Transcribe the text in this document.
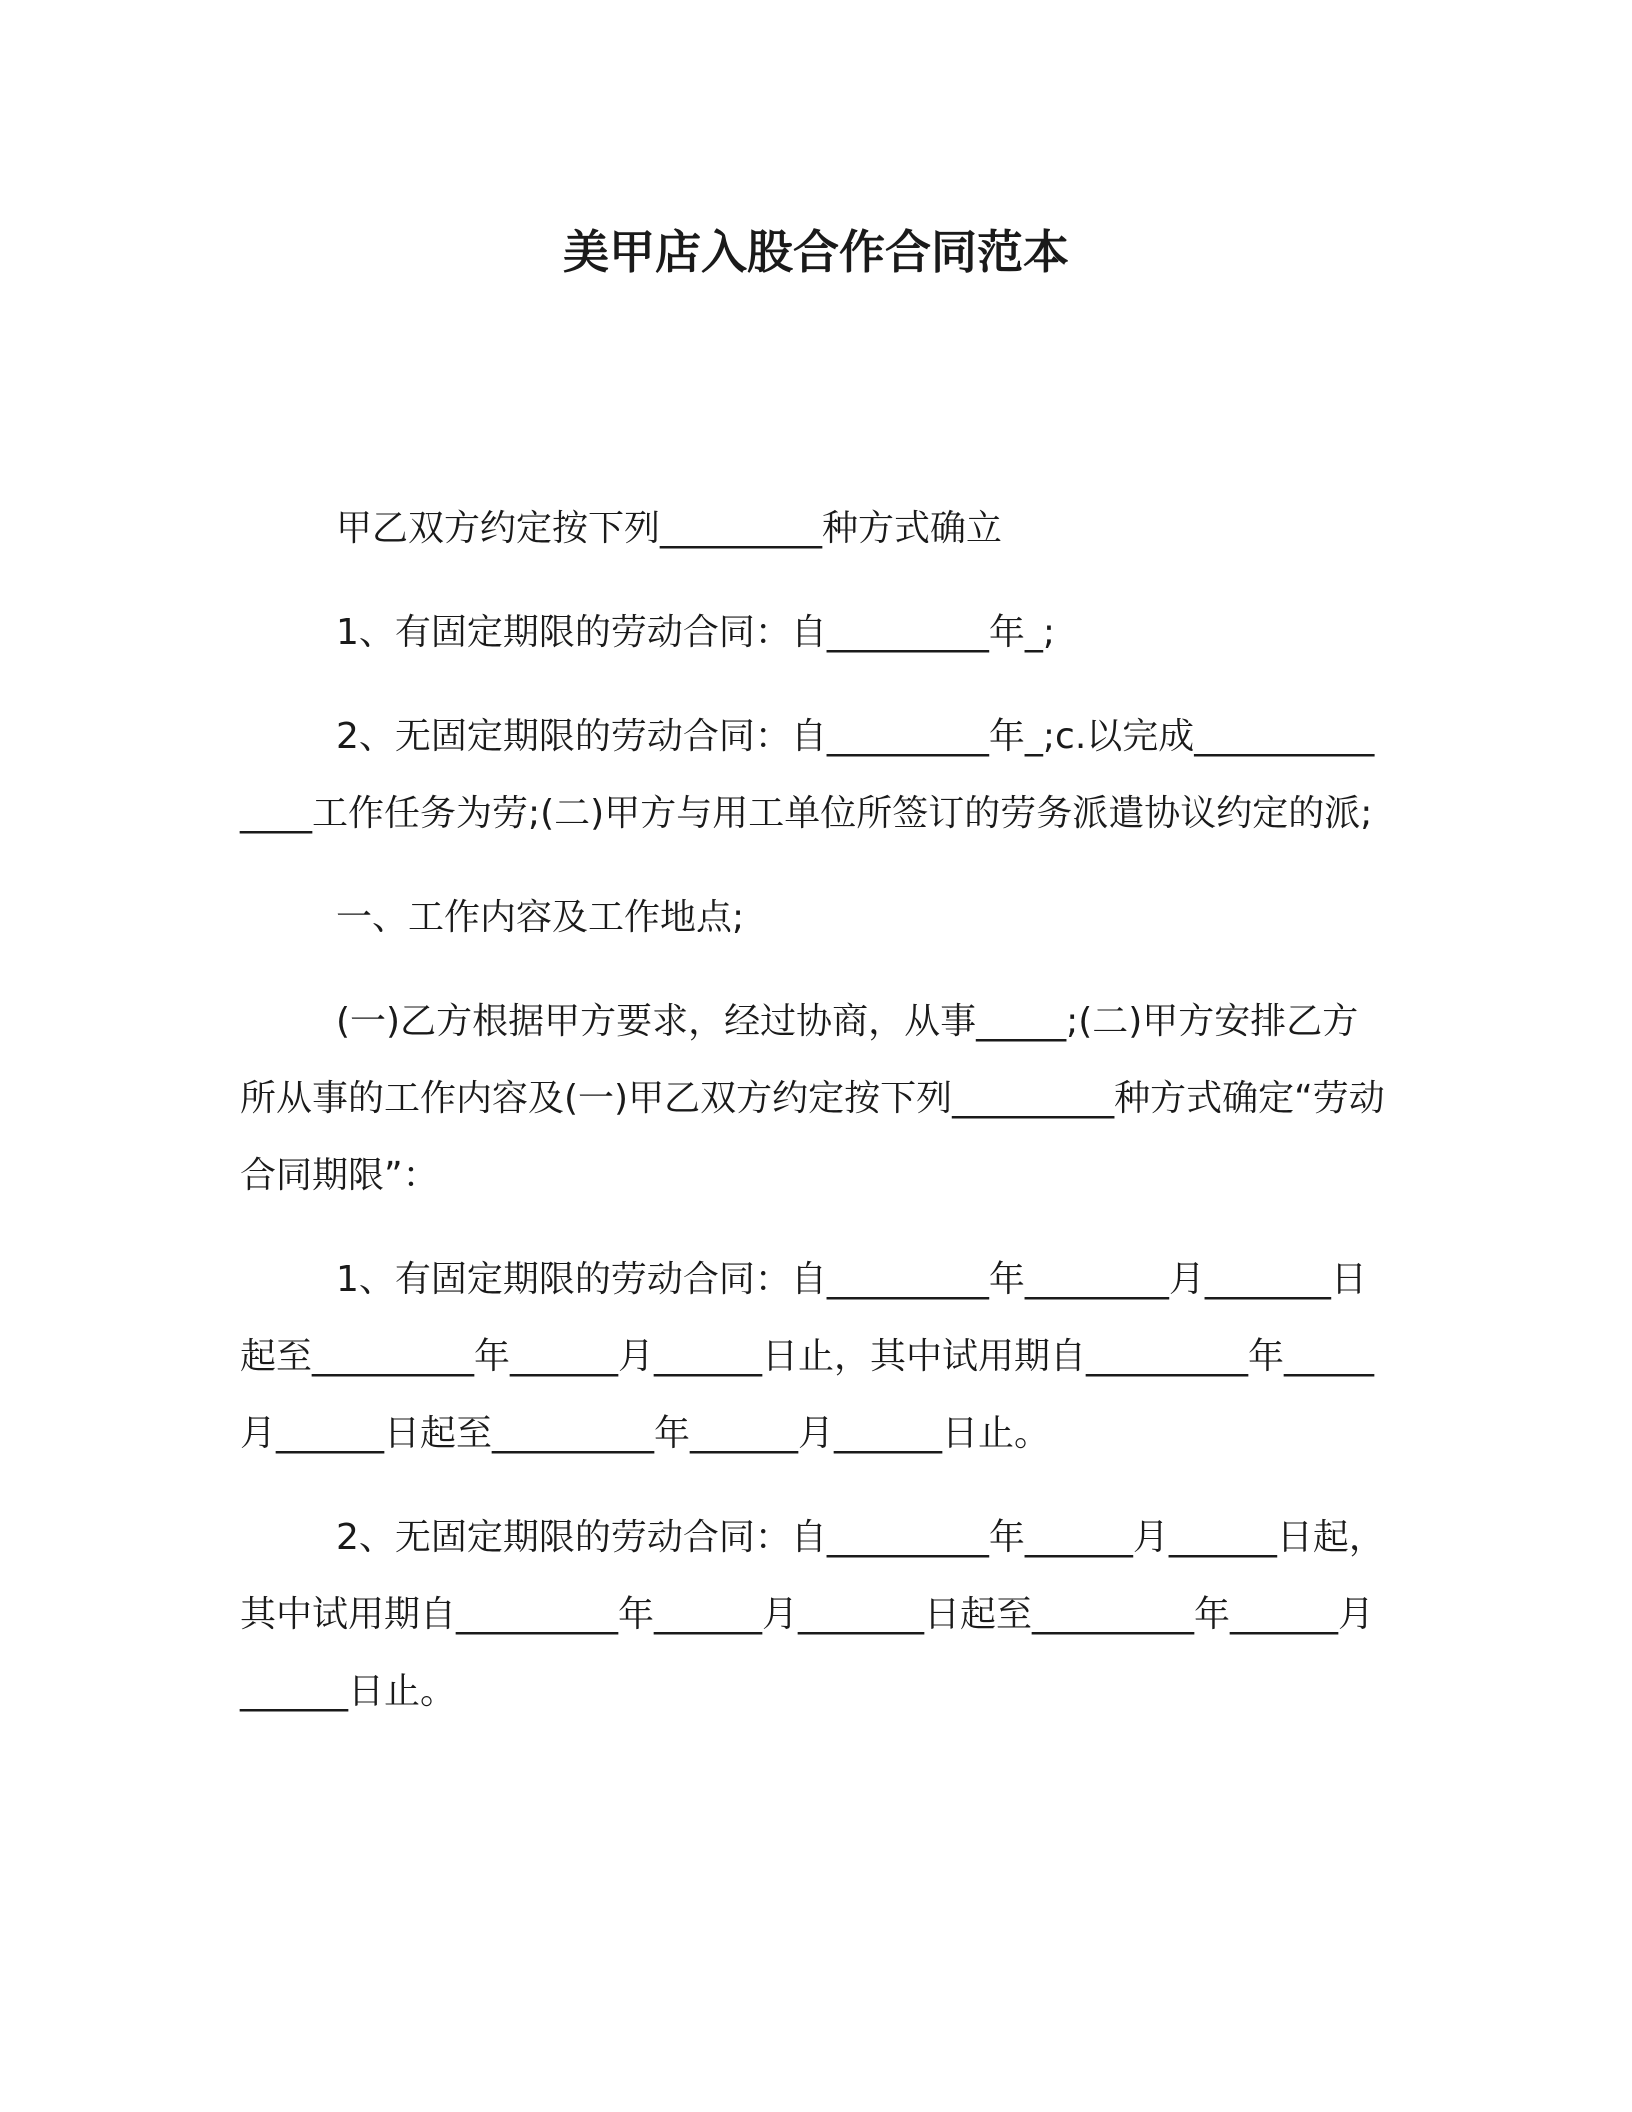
美甲店入股合作合同范本

甲乙双方约定按下列_________种方式确立

1、有固定期限的劳动合同：自_________年_;

2、无固定期限的劳动合同：自_________年_;c.以完成______________工作任务为劳;(二)甲方与用工单位所签订的劳务派遣协议约定的派;

一、工作内容及工作地点;

(一)乙方根据甲方要求，经过协商，从事_____;(二)甲方安排乙方所从事的工作内容及(一)甲乙双方约定按下列_________种方式确定“劳动合同期限”：

1、有固定期限的劳动合同：自_________年________月_______日起至_________年______月______日止，其中试用期自_________年_____月______日起至_________年______月______日止。

2、无固定期限的劳动合同：自_________年______月______日起，其中试用期自_________年______月_______日起至_________年______月______日止。
